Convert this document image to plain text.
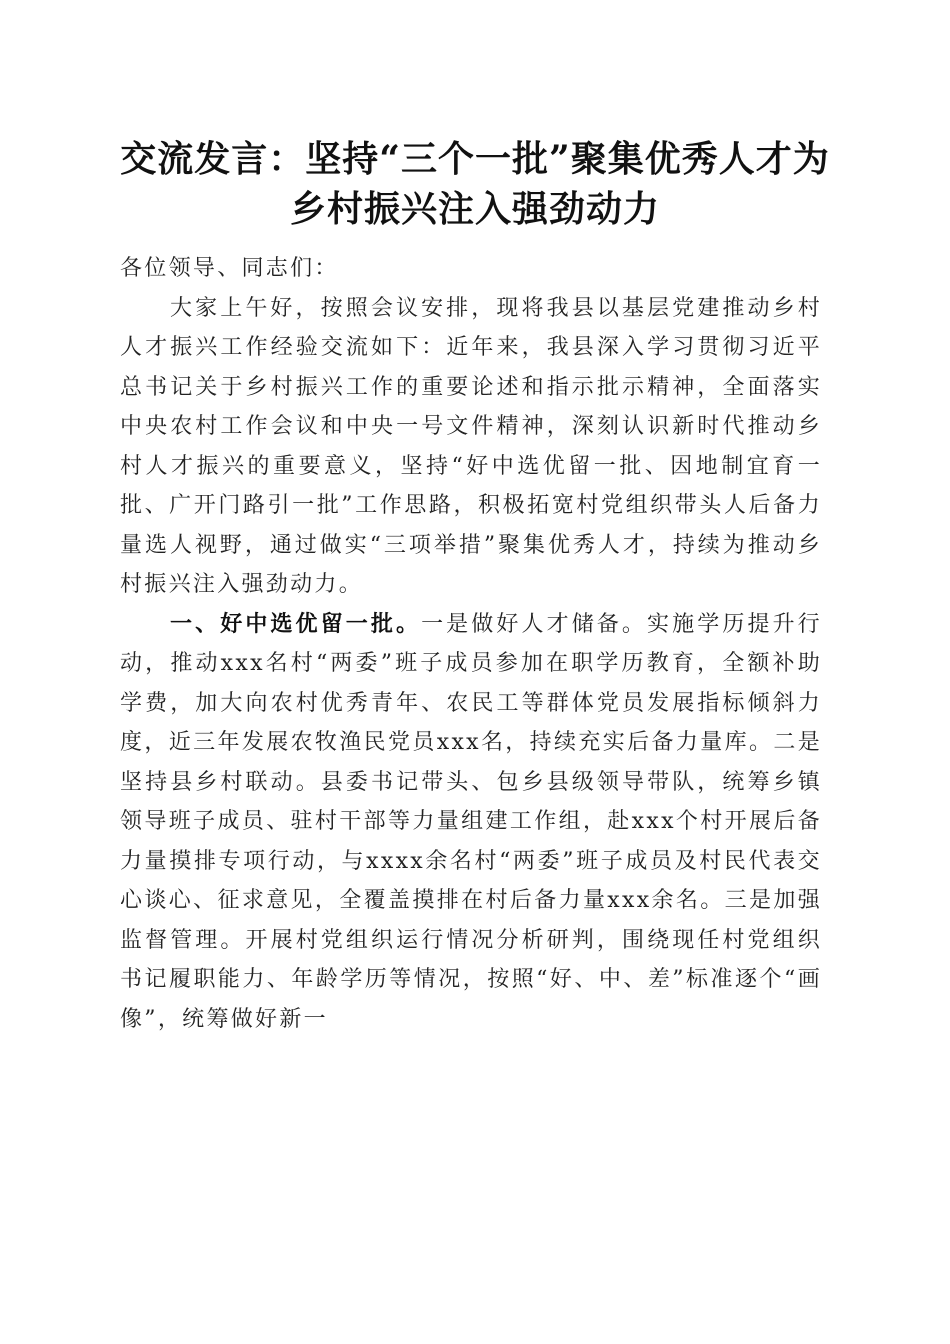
交流发言：坚持“三个一批”聚集优秀人才为
乡村振兴注入强劲动力

各位领导、同志们：

大家上午好，按照会议安排，现将我县以基层党建推动乡村人才振兴工作经验交流如下：近年来，我县深入学习贯彻习近平总书记关于乡村振兴工作的重要论述和指示批示精神，全面落实中央农村工作会议和中央一号文件精神，深刻认识新时代推动乡村人才振兴的重要意义，坚持“好中选优留一批、因地制宜育一批、广开门路引一批”工作思路，积极拓宽村党组织带头人后备力量选人视野，通过做实“三项举措”聚集优秀人才，持续为推动乡村振兴注入强劲动力。

一、好中选优留一批。一是做好人才储备。实施学历提升行动，推动xxx名村“两委”班子成员参加在职学历教育，全额补助学费，加大向农村优秀青年、农民工等群体党员发展指标倾斜力度，近三年发展农牧渔民党员xxx名，持续充实后备力量库。二是坚持县乡村联动。县委书记带头、包乡县级领导带队，统筹乡镇领导班子成员、驻村干部等力量组建工作组，赴xxx个村开展后备力量摸排专项行动，与xxxx余名村“两委”班子成员及村民代表交心谈心、征求意见，全覆盖摸排在村后备力量xxx余名。三是加强监督管理。开展村党组织运行情况分析研判，围绕现任村党组织书记履职能力、年龄学历等情况，按照“好、中、差”标准逐个“画像”，统筹做好新一
